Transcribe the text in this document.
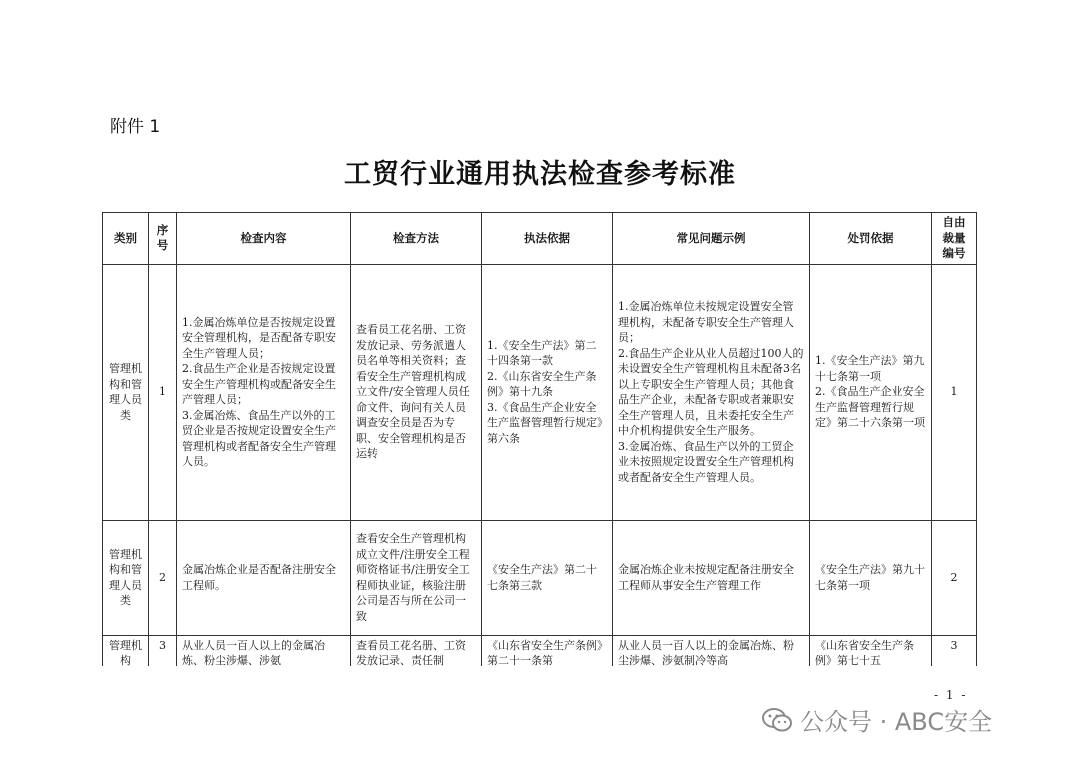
附件 1
工贸行业通用执法检查参考标准
类别	序号	检查内容	检查方法	执法依据	常见问题示例	处罚依据	自由裁量编号
管理机构和管理人员类	1	1.金属冶炼单位是否按规定设置安全管理机构，是否配备专职安全生产管理人员；
2.食品生产企业是否按规定设置安全生产管理机构或配备安全生产管理人员；
3.金属冶炼、食品生产以外的工贸企业是否按规定设置安全生产管理机构或者配备安全生产管理人员。	查看员工花名册、工资发放记录、劳务派遣人员名单等相关资料；查看安全生产管理机构成立文件/安全管理人员任命文件、询问有关人员调查安全员是否为专职、安全管理机构是否运转	1.《安全生产法》第二十四条第一款
2.《山东省安全生产条例》第十九条
3.《食品生产企业安全生产监督管理暂行规定》第六条	1.金属冶炼单位未按规定设置安全管理机构，未配备专职安全生产管理人员；
2.食品生产企业从业人员超过100人的未设置安全生产管理机构且未配备3名以上专职安全生产管理人员；其他食品生产企业，未配备专职或者兼职安全生产管理人员，且未委托安全生产中介机构提供安全生产服务。
3.金属冶炼、食品生产以外的工贸企业未按照规定设置安全生产管理机构或者配备安全生产管理人员。	1.《安全生产法》第九十七条第一项
2.《食品生产企业安全生产监督管理暂行规定》第二十六条第一项	1
管理机构和管理人员类	2	金属冶炼企业是否配备注册安全工程师。	查看安全生产管理机构成立文件/注册安全工程师资格证书/注册安全工程师执业证，核验注册公司是否与所在公司一致	《安全生产法》第二十七条第三款	金属冶炼企业未按规定配备注册安全工程师从事安全生产管理工作	《安全生产法》第九十七条第一项	2
管理机构	3	从业人员一百人以上的金属冶炼、粉尘涉爆、涉氨	查看员工花名册、工资发放记录、责任制	《山东省安全生产条例》第二十一条第	从业人员一百人以上的金属冶炼、粉尘涉爆、涉氨制冷等高	《山东省安全生产条例》第七十五	3
- 1 -
公众号 · ABC安全
